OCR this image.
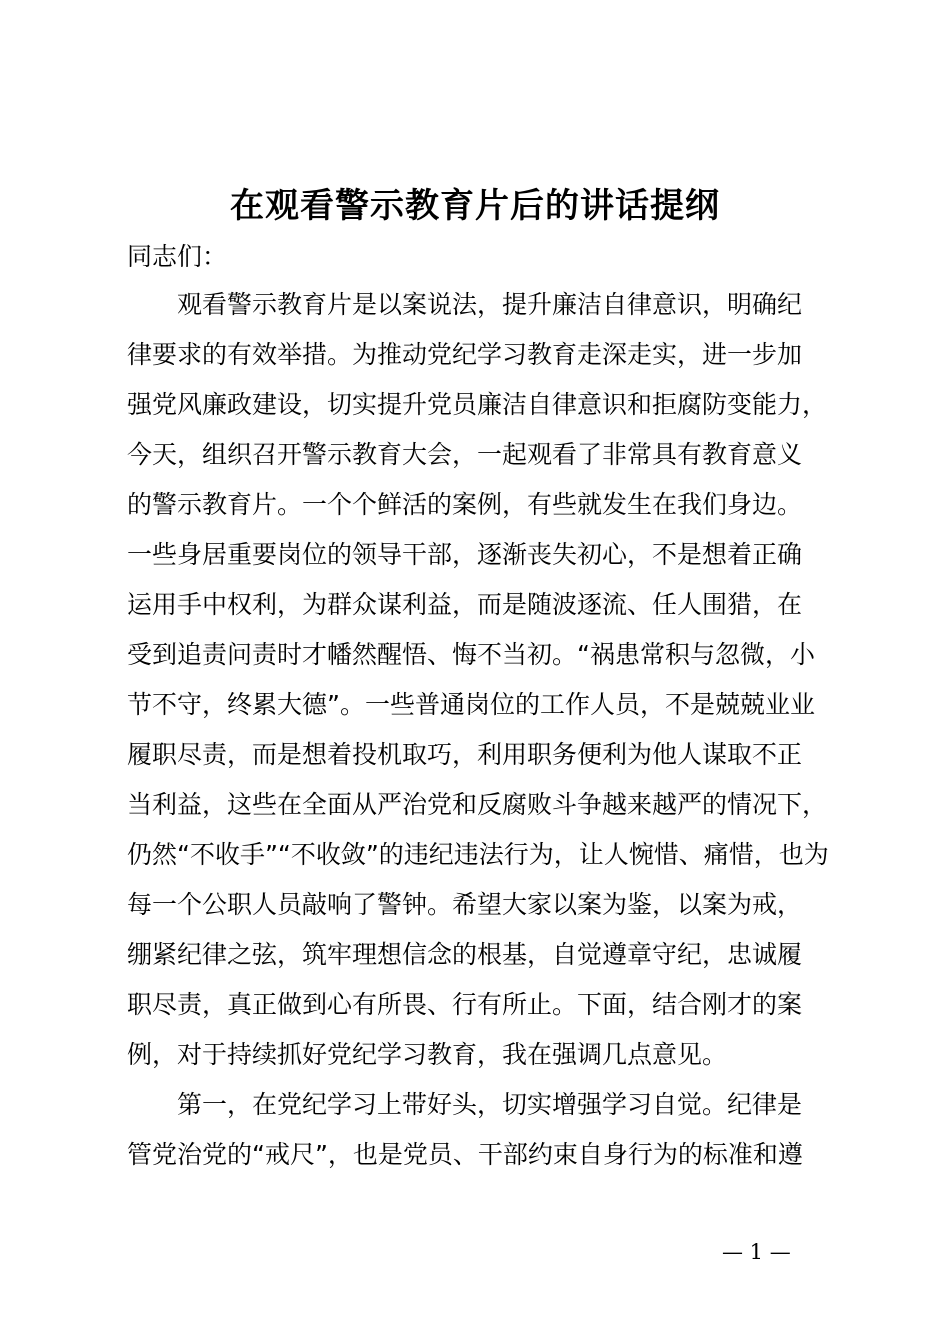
在观看警示教育片后的讲话提纲
同志们：
观看警示教育片是以案说法，提升廉洁自律意识，明确纪
律要求的有效举措。为推动党纪学习教育走深走实，进一步加
强党风廉政建设，切实提升党员廉洁自律意识和拒腐防变能力，
今天，组织召开警示教育大会，一起观看了非常具有教育意义
的警示教育片。一个个鲜活的案例，有些就发生在我们身边。
一些身居重要岗位的领导干部，逐渐丧失初心，不是想着正确
运用手中权利，为群众谋利益，而是随波逐流、任人围猎，在
受到追责问责时才幡然醒悟、悔不当初。“祸患常积与忽微，小
节不守，终累大德”。一些普通岗位的工作人员，不是兢兢业业
履职尽责，而是想着投机取巧，利用职务便利为他人谋取不正
当利益，这些在全面从严治党和反腐败斗争越来越严的情况下，
仍然“不收手”“不收敛”的违纪违法行为，让人惋惜、痛惜，也为
每一个公职人员敲响了警钟。希望大家以案为鉴，以案为戒，
绷紧纪律之弦，筑牢理想信念的根基，自觉遵章守纪，忠诚履
职尽责，真正做到心有所畏、行有所止。下面，结合刚才的案
例，对于持续抓好党纪学习教育，我在强调几点意见。
第一，在党纪学习上带好头，切实增强学习自觉。纪律是
管党治党的“戒尺”，也是党员、干部约束自身行为的标准和遵
— 1 —
